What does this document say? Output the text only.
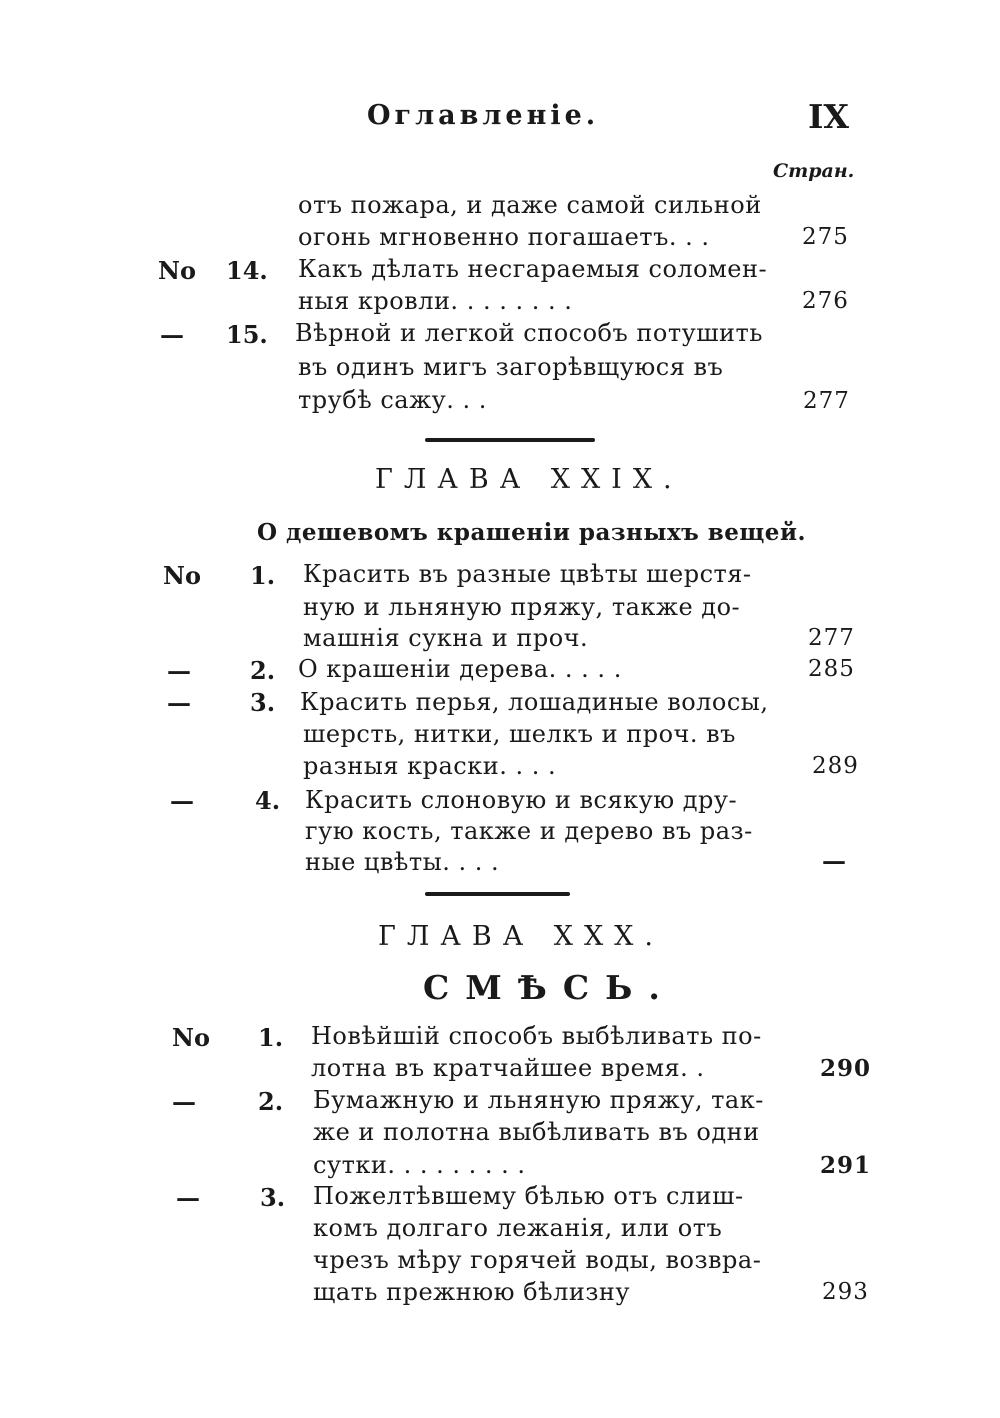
Оглавленiе.	IX
Стран.
отъ пожара, и даже самой сильной
огонь мгновенно погашаетъ. . .	275
No 14. Какъ дѣлать несгараемыя соломен-
ныя кровли. . . . . . . .	276
— 15. Вѣрной и легкой способъ потушить
въ одинъ мигъ загорѣвщуюся въ
трубѣ сажу. . .	277
ГЛАВА XXIX.
О дешевомъ крашенiи разныхъ вещей.
No 1. Красить въ разные цвѣты шерстя-
ную и льняную пряжу, также до-
машнiя сукна и проч.	277
— 2. О крашенiи дерева. . . . .	285
— 3. Красить перья, лошадиные волосы,
шерсть, нитки, шелкъ и проч. въ
разныя краски. . . .	289
—	4. Красить слоновую и всякую дру-
гую кость, также и дерево въ раз-
ные цвѣты. . . .	—
ГЛАВА XXX.
СМѢСЬ.
No 1. Новѣйшiй способъ выбѣливать по-
лотна въ кратчайшее время. .	290
—	2. Бумажную и льняную пряжу, так-
же и полотна выбѣливать въ одни
сутки. . . . . . . . .	291
—	3. Пожелтѣвшему бѣлью отъ слиш-
комъ долгаго лежанiя, или отъ
чрезъ мѣру горячей воды, возвра-
щать прежнюю бѣлизну	293
